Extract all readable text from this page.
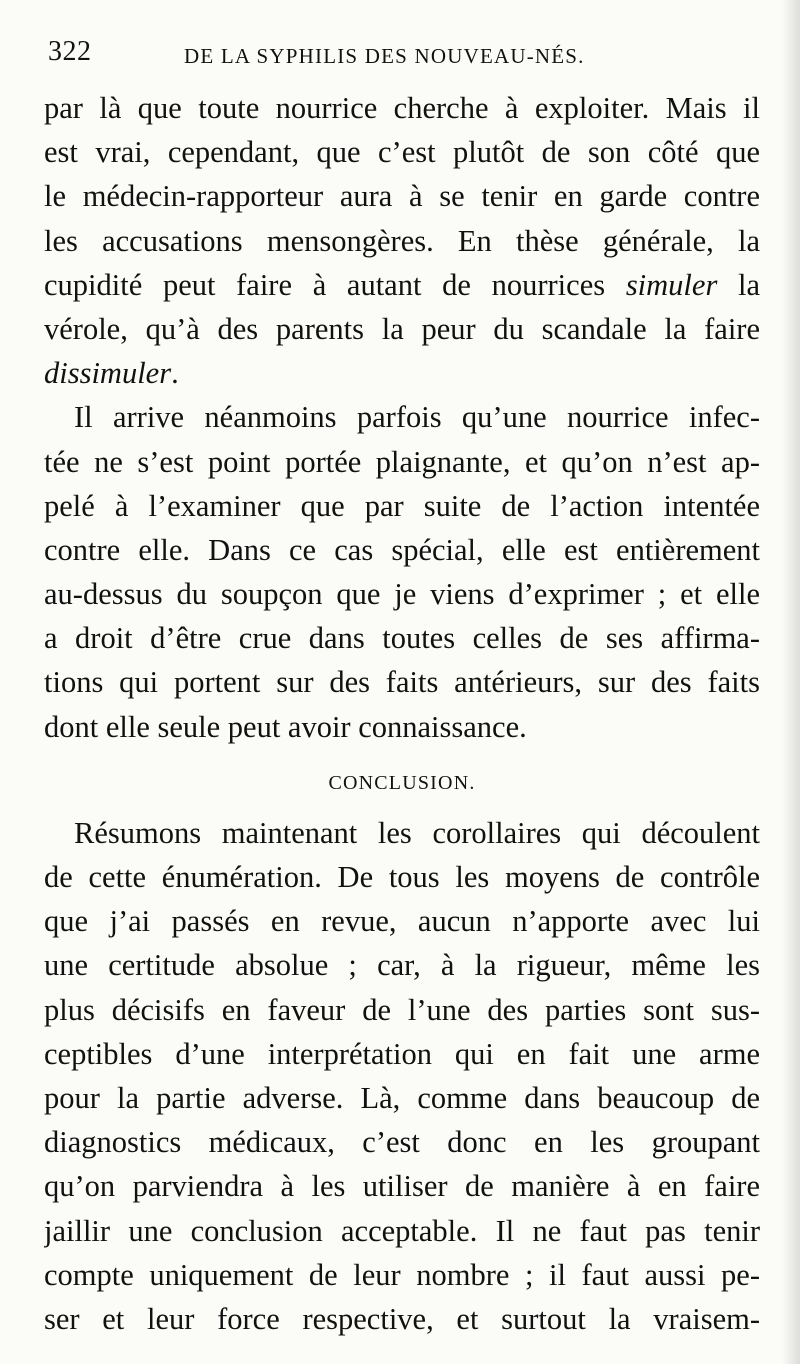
322	DE LA SYPHILIS DES NOUVEAU-NÉS.
par là que toute nourrice cherche à exploiter. Mais il
est vrai, cependant, que c’est plutôt de son côté que
le médecin-rapporteur aura à se tenir en garde contre
les accusations mensongères. En thèse générale, la
cupidité peut faire à autant de nourrices simuler la
vérole, qu’à des parents la peur du scandale la faire
dissimuler.
Il arrive néanmoins parfois qu’une nourrice infec-
tée ne s’est point portée plaignante, et qu’on n’est ap-
pelé à l’examiner que par suite de l’action intentée
contre elle. Dans ce cas spécial, elle est entièrement
au-dessus du soupçon que je viens d’exprimer ; et elle
a droit d’être crue dans toutes celles de ses affirma-
tions qui portent sur des faits antérieurs, sur des faits
dont elle seule peut avoir connaissance.
CONCLUSION.
Résumons maintenant les corollaires qui découlent
de cette énumération. De tous les moyens de contrôle
que j’ai passés en revue, aucun n’apporte avec lui
une certitude absolue ; car, à la rigueur, même les
plus décisifs en faveur de l’une des parties sont sus-
ceptibles d’une interprétation qui en fait une arme
pour la partie adverse. Là, comme dans beaucoup de
diagnostics médicaux, c’est donc en les groupant
qu’on parviendra à les utiliser de manière à en faire
jaillir une conclusion acceptable. Il ne faut pas tenir
compte uniquement de leur nombre ; il faut aussi pe-
ser et leur force respective, et surtout la vraisem-
